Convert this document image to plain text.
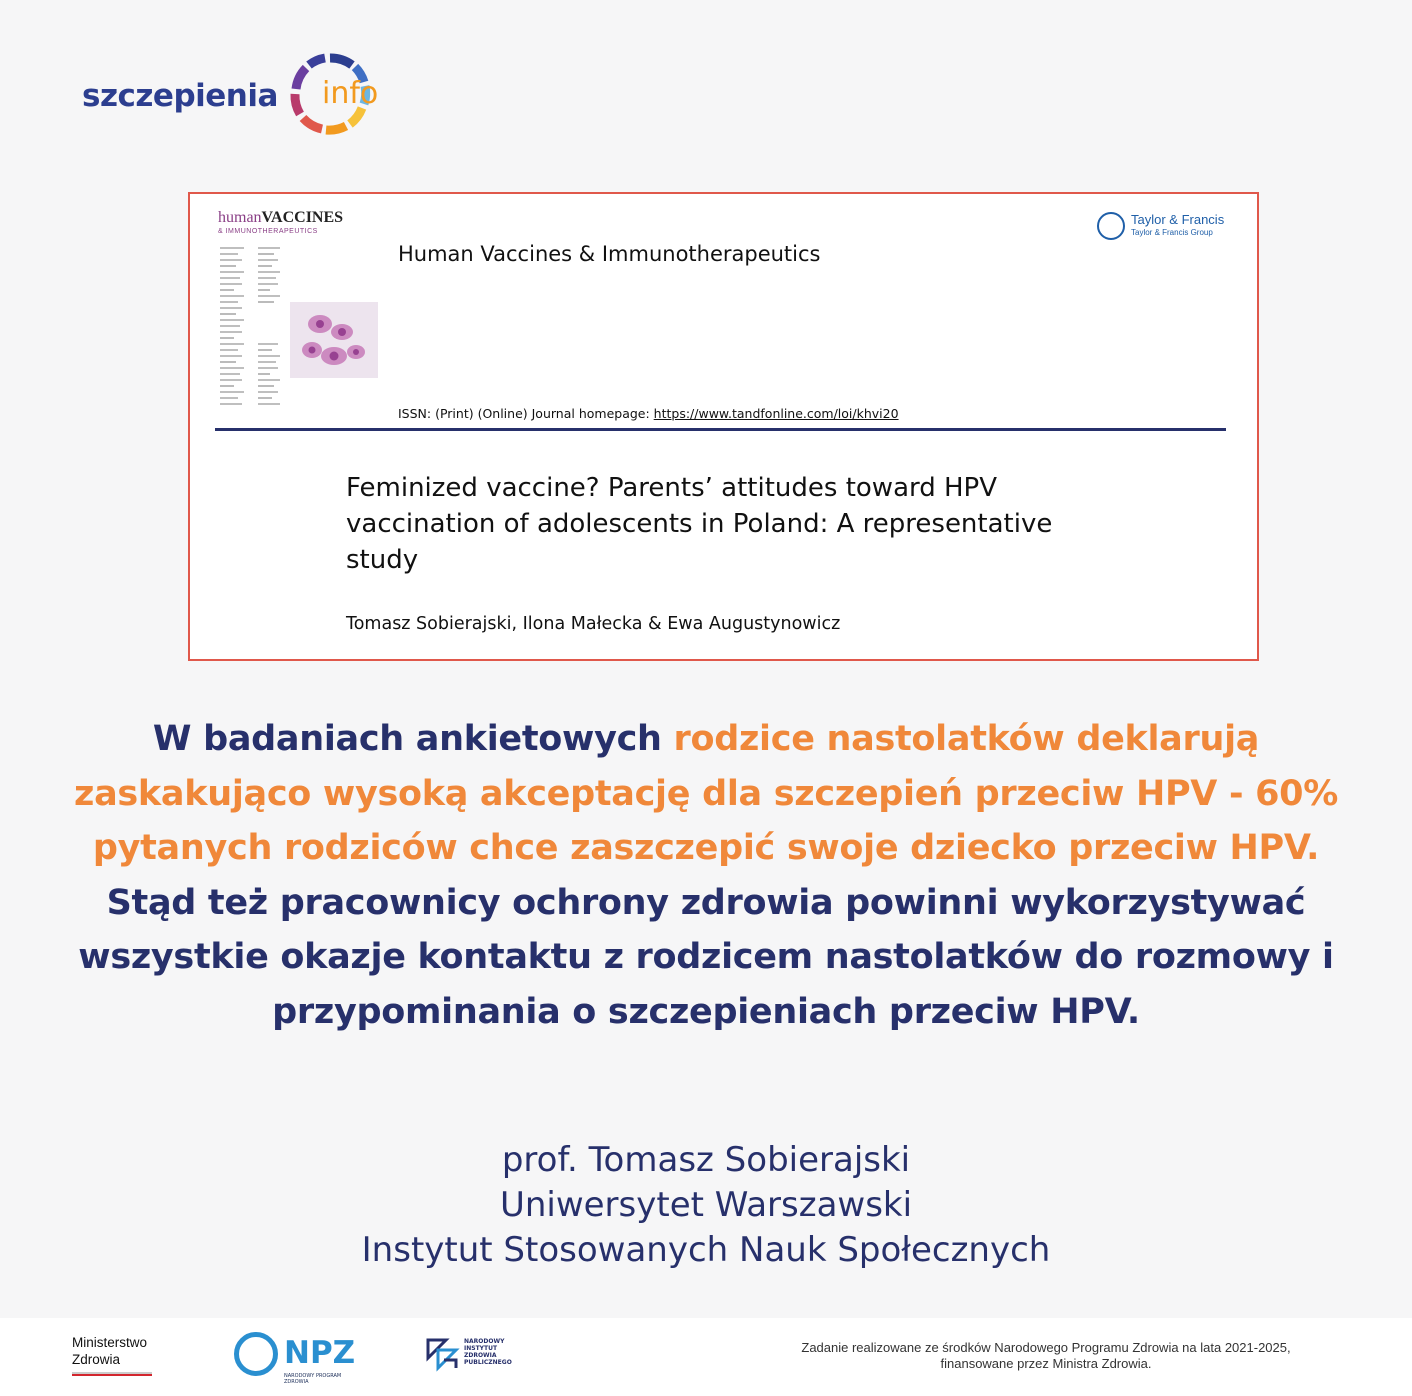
szczepienia info
humanVACCINES
& IMMUNOTHERAPEUTICS
Human Vaccines & Immunotherapeutics
Taylor & Francis
Taylor & Francis Group
ISSN: (Print) (Online) Journal homepage: https://www.tandfonline.com/loi/khvi20
Feminized vaccine? Parents’ attitudes toward HPV vaccination of adolescents in Poland: A representative study
Tomasz Sobierajski, Ilona Małecka & Ewa Augustynowicz
W badaniach ankietowych rodzice nastolatków deklarują zaskakująco wysoką akceptację dla szczepień przeciw HPV - 60% pytanych rodziców chce zaszczepić swoje dziecko przeciw HPV. Stąd też pracownicy ochrony zdrowia powinni wykorzystywać wszystkie okazje kontaktu z rodzicem nastolatków do rozmowy i przypominania o szczepieniach przeciw HPV.
prof. Tomasz Sobierajski
Uniwersytet Warszawski
Instytut Stosowanych Nauk Społecznych
Ministerstwo
Zdrowia	NPZ
NARODOWY PROGRAM ZDROWIA
NARODOWY
INSTYTUT
ZDROWIA
PUBLICZNEGO
Zadanie realizowane ze środków Narodowego Programu Zdrowia na lata 2021-2025,
finansowane przez Ministra Zdrowia.
